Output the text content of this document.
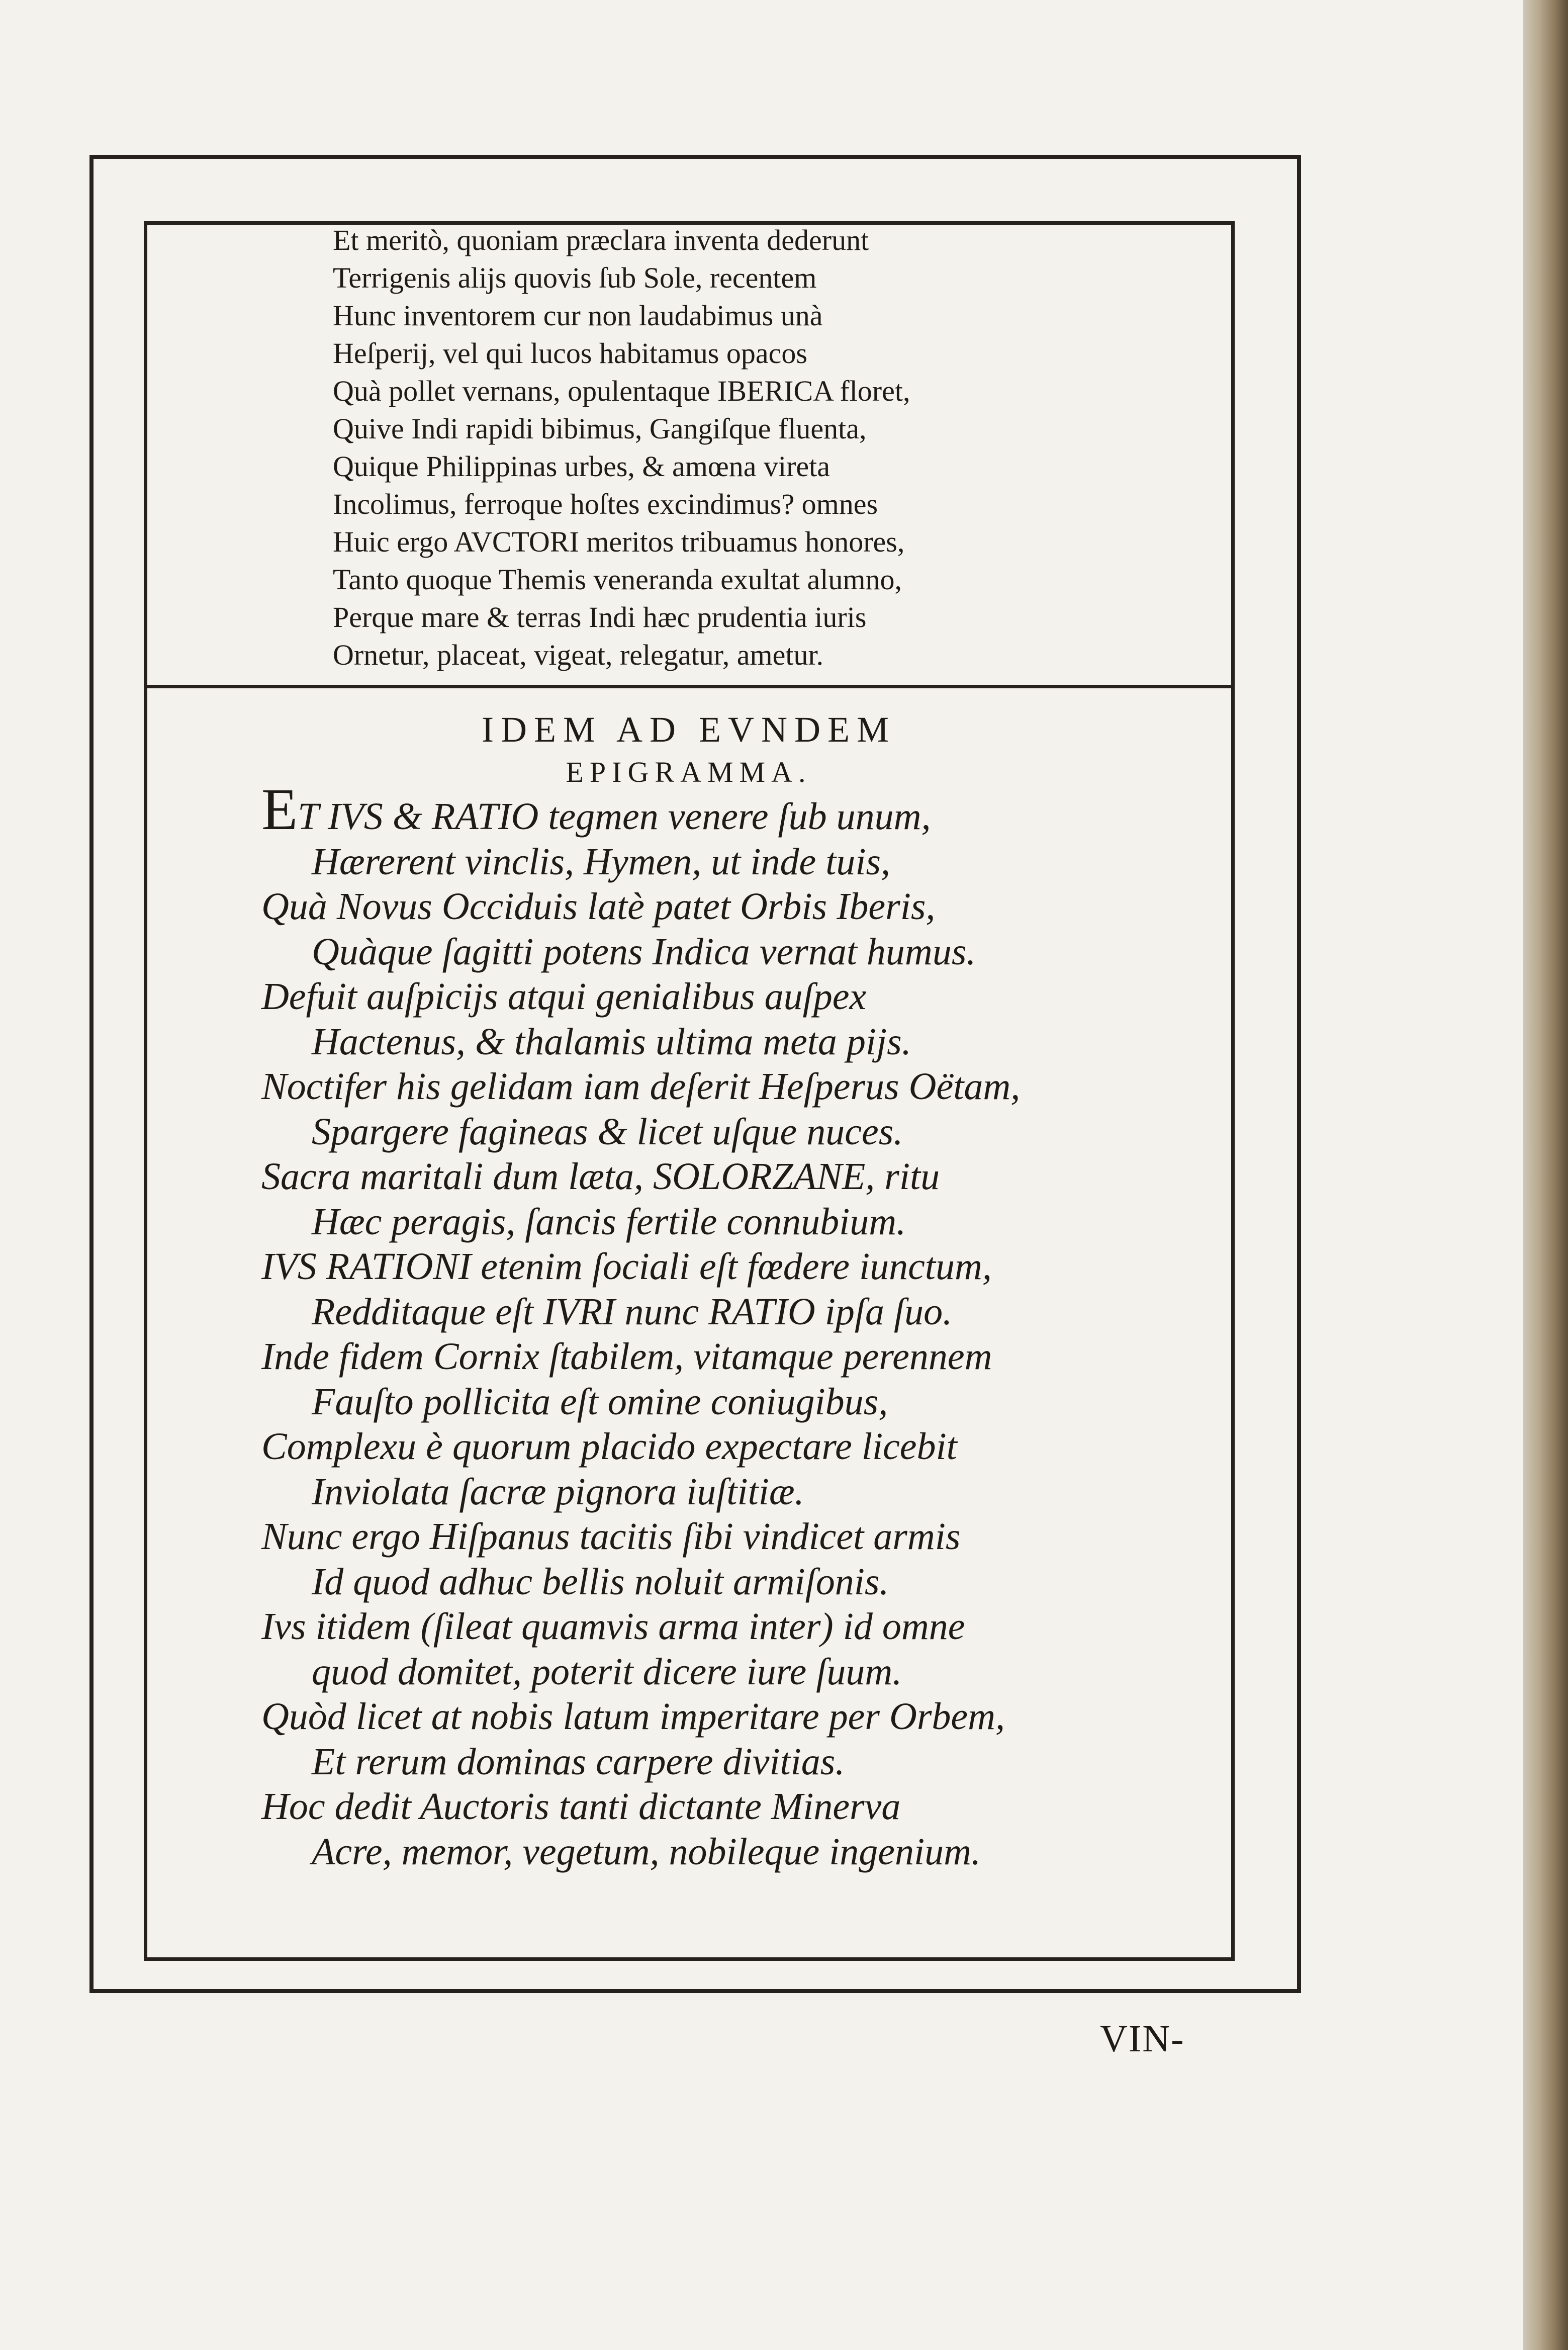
Et meritò, quoniam præclara inventa dederunt
Terrigenis alijs quovis ſub Sole, recentem
Hunc inventorem cur non laudabimus unà
Heſperij, vel qui lucos habitamus opacos
Quà pollet vernans, opulentaque IBERICA floret,
Quive Indi rapidi bibimus, Gangiſque fluenta,
Quique Philippinas urbes, & amœna vireta
Incolimus, ferroque hoſtes excindimus? omnes
Huic ergo AVCTORI meritos tribuamus honores,
Tanto quoque Themis veneranda exultat alumno,
Perque mare & terras Indi hæc prudentia iuris
Ornetur, placeat, vigeat, relegatur, ametur.
IDEM AD EVNDEM
EPIGRAMMA.
ET IVS & RATIO tegmen venere ſub unum,
Hærerent vinclis, Hymen, ut inde tuis,
Quà Novus Occiduis latè patet Orbis Iberis,
Quàque ſagitti potens Indica vernat humus.
Defuit auſpicijs atqui genialibus auſpex
Hactenus, & thalamis ultima meta pijs.
Noctifer his gelidam iam deſerit Heſperus Oëtam,
Spargere fagineas & licet uſque nuces.
Sacra maritali dum læta, SOLORZANE, ritu
Hæc peragis, ſancis fertile connubium.
IVS RATIONI etenim ſociali eſt fœdere iunctum,
Redditaque eſt IVRI nunc RATIO ipſa ſuo.
Inde fidem Cornix ſtabilem, vitamque perennem
Fauſto pollicita eſt omine coniugibus,
Complexu è quorum placido expectare licebit
Inviolata ſacræ pignora iuſtitiæ.
Nunc ergo Hiſpanus tacitis ſibi vindicet armis
Id quod adhuc bellis noluit armiſonis.
Ivs itidem (ſileat quamvis arma inter) id omne
quod domitet, poterit dicere iure ſuum.
Quòd licet at nobis latum imperitare per Orbem,
Et rerum dominas carpere divitias.
Hoc dedit Auctoris tanti dictante Minerva
Acre, memor, vegetum, nobileque ingenium.
VIN-
